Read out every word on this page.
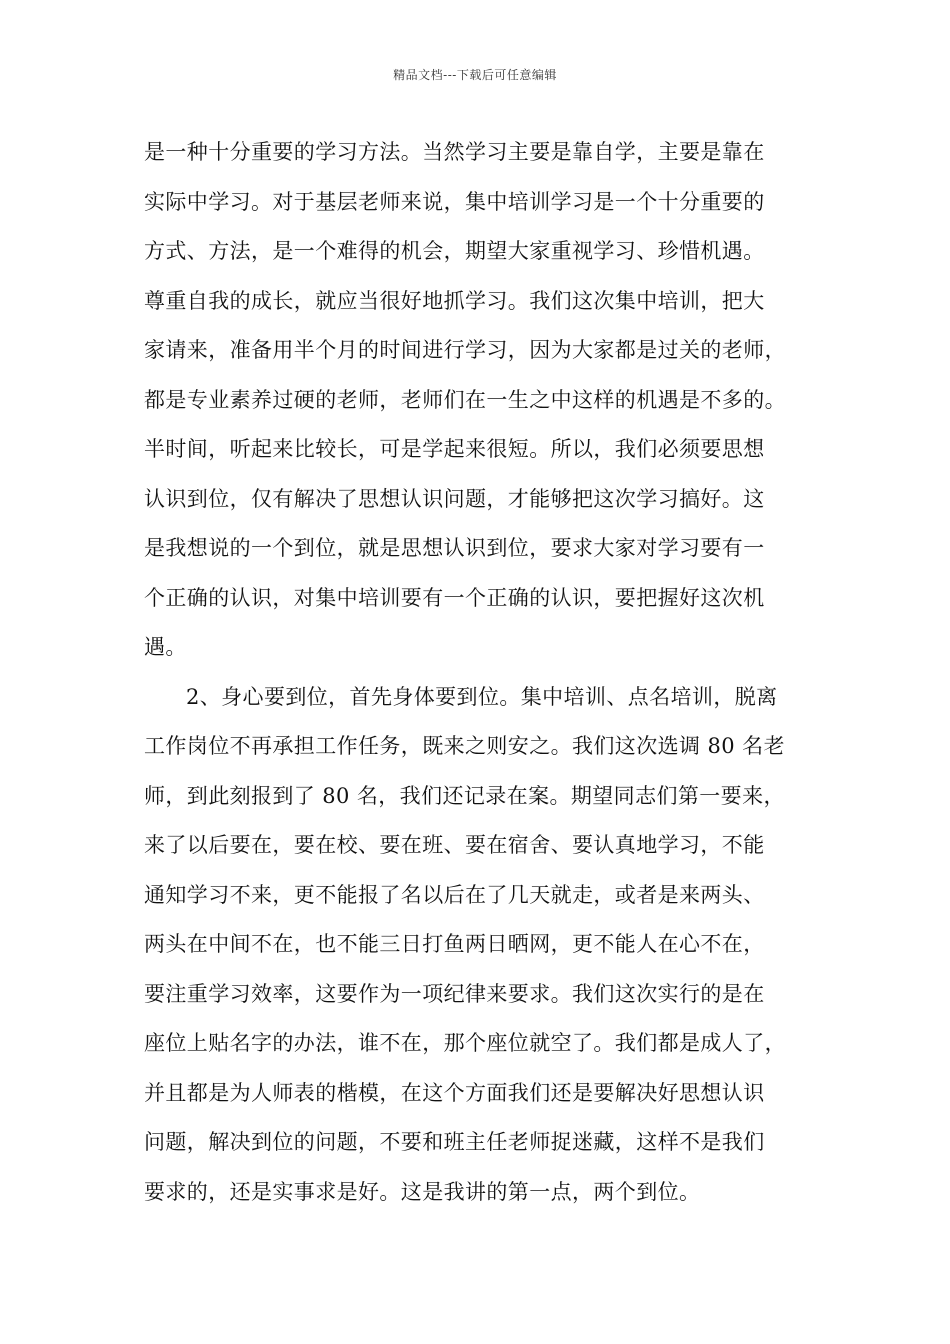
精品文档---下载后可任意编辑
是一种十分重要的学习方法。当然学习主要是靠自学，主要是靠在
实际中学习。对于基层老师来说，集中培训学习是一个十分重要的
方式、方法，是一个难得的机会，期望大家重视学习、珍惜机遇。
尊重自我的成长，就应当很好地抓学习。我们这次集中培训，把大
家请来，准备用半个月的时间进行学习，因为大家都是过关的老师，
都是专业素养过硬的老师，老师们在一生之中这样的机遇是不多的。
半时间，听起来比较长，可是学起来很短。所以，我们必须要思想
认识到位，仅有解决了思想认识问题，才能够把这次学习搞好。这
是我想说的一个到位，就是思想认识到位，要求大家对学习要有一
个正确的认识，对集中培训要有一个正确的认识，要把握好这次机
遇。
2、身心要到位，首先身体要到位。集中培训、点名培训，脱离
工作岗位不再承担工作任务，既来之则安之。我们这次选调 80 名老
师，到此刻报到了 80 名，我们还记录在案。期望同志们第一要来，
来了以后要在，要在校、要在班、要在宿舍、要认真地学习，不能
通知学习不来，更不能报了名以后在了几天就走，或者是来两头、
两头在中间不在，也不能三日打鱼两日晒网，更不能人在心不在，
要注重学习效率，这要作为一项纪律来要求。我们这次实行的是在
座位上贴名字的办法，谁不在，那个座位就空了。我们都是成人了，
并且都是为人师表的楷模，在这个方面我们还是要解决好思想认识
问题，解决到位的问题，不要和班主任老师捉迷藏，这样不是我们
要求的，还是实事求是好。这是我讲的第一点，两个到位。
